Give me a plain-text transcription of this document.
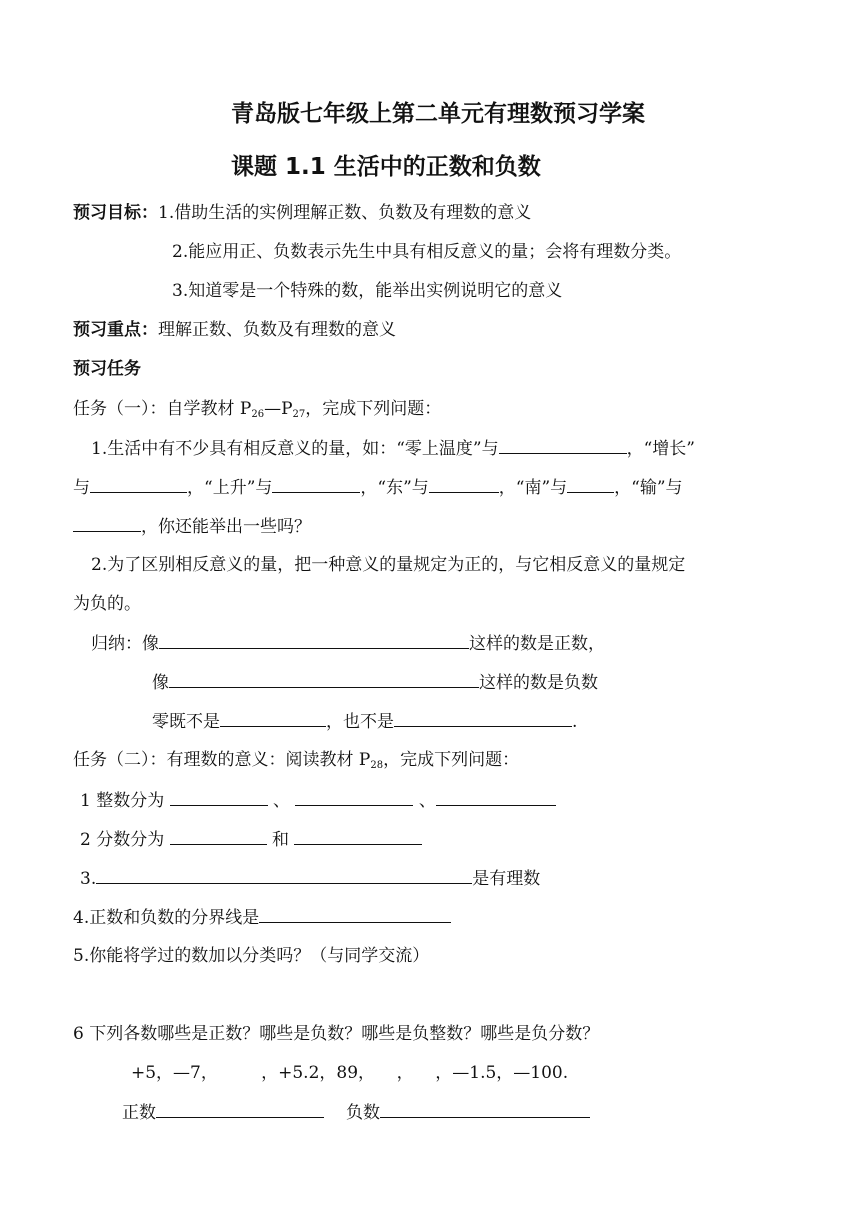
青岛版七年级上第二单元有理数预习学案
课题 1.1 生活中的正数和负数
预习目标：1.借助生活的实例理解正数、负数及有理数的意义
2.能应用正、负数表示先生中具有相反意义的量；会将有理数分类。
3.知道零是一个特殊的数，能举出实例说明它的意义
预习重点：理解正数、负数及有理数的意义
预习任务
任务（一）：自学教材 $P_{26}—P_{27}$，完成下列问题：
1.生活中有不少具有相反意义的量，如：“零上温度”与	，“增长”
与	，“上升”与	，“东”与	，“南”与	，“输”与
，你还能举出一些吗？
2.为了区别相反意义的量，把一种意义的量规定为正的，与它相反意义的量规定
为负的。
归纳：像	这样的数是正数，
像	这样的数是负数
零既不是	，也不是	.
任务（二）：有理数的意义：阅读教材 $P_{28}$，完成下列问题：
1 整数分为	、	、
2 分数分为	和
3.	是有理数
4.正数和负数的分界线是
5.你能将学过的数加以分类吗？（与同学交流）
6 下列各数哪些是正数？哪些是负数？哪些是负整数？哪些是负分数？
+5，—7，        ，+5.2，89，    ，    ，—1.5，—100.
正数	负数
